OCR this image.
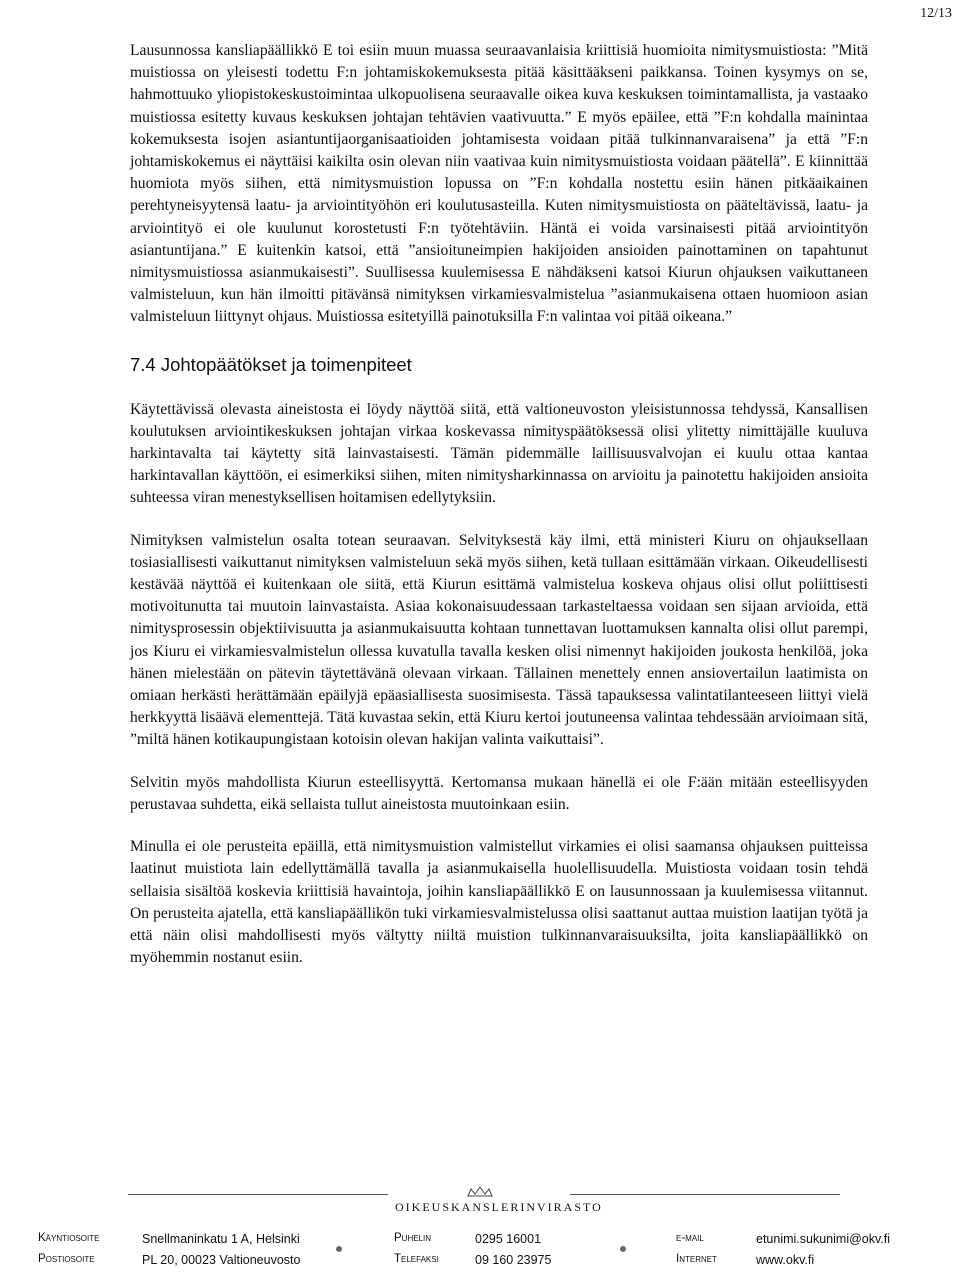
12/13

Lausunnossa kansliapäällikkö E toi esiin muun muassa seuraavanlaisia kriittisiä huomioita nimitysmuistiosta: ”Mitä muistiossa on yleisesti todettu F:n johtamiskokemuksesta pitää käsittääkseni paikkansa. Toinen kysymys on se, hahmottuuko yliopistokeskustoimintaa ulkopuolisena seuraavalle oikea kuva keskuksen toimintamallista, ja vastaako muistiossa esitetty kuvaus keskuksen johtajan tehtävien vaativuutta.” E myös epäilee, että ”F:n kohdalla mainintaa kokemuksesta isojen asiantuntijaorganisaatioiden johtamisesta voidaan pitää tulkinnanvaraisena” ja että ”F:n johtamiskokemus ei näyttäisi kaikilta osin olevan niin vaativaa kuin nimitysmuistiosta voidaan päätellä”. E kiinnittää huomiota myös siihen, että nimitysmuistion lopussa on ”F:n kohdalla nostettu esiin hänen pitkäaikainen perehtyneisyytensä laatu- ja arviointityöhön eri koulutusasteilla. Kuten nimitysmuistiosta on pääteltävissä, laatu- ja arviointityö ei ole kuulunut korostetusti F:n työtehtäviin. Häntä ei voida varsinaisesti pitää arviointityön asiantuntijana.” E kuitenkin katsoi, että ”ansioituneimpien hakijoiden ansioiden painottaminen on tapahtunut nimitysmuistiossa asianmukaisesti”. Suullisessa kuulemisessa E nähdäkseni katsoi Kiurun ohjauksen vaikuttaneen valmisteluun, kun hän ilmoitti pitävänsä nimityksen virkamiesvalmistelua ”asianmukaisena ottaen huomioon asian valmisteluun liittynyt ohjaus. Muistiossa esitetyillä painotuksilla F:n valintaa voi pitää oikeana.”

7.4 Johtopäätökset ja toimenpiteet

Käytettävissä olevasta aineistosta ei löydy näyttöä siitä, että valtioneuvoston yleisistunnossa tehdyssä, Kansallisen koulutuksen arviointikeskuksen johtajan virkaa koskevassa nimityspäätöksessä olisi ylitetty nimittäjälle kuuluva harkintavalta tai käytetty sitä lainvastaisesti. Tämän pidemmälle laillisuusvalvojan ei kuulu ottaa kantaa harkintavallan käyttöön, ei esimerkiksi siihen, miten nimitysharkinnassa on arvioitu ja painotettu hakijoiden ansioita suhteessa viran menestyksellisen hoitamisen edellytyksiin.

Nimityksen valmistelun osalta totean seuraavan. Selvityksestä käy ilmi, että ministeri Kiuru on ohjauksellaan tosiasiallisesti vaikuttanut nimityksen valmisteluun sekä myös siihen, ketä tullaan esittämään virkaan. Oikeudellisesti kestävää näyttöä ei kuitenkaan ole siitä, että Kiurun esittämä valmistelua koskeva ohjaus olisi ollut poliittisesti motivoitunutta tai muutoin lainvastaista. Asiaa kokonaisuudessaan tarkasteltaessa voidaan sen sijaan arvioida, että nimitysprosessin objektiivisuutta ja asianmukaisuutta kohtaan tunnettavan luottamuksen kannalta olisi ollut parempi, jos Kiuru ei virkamiesvalmistelun ollessa kuvatulla tavalla kesken olisi nimennyt hakijoiden joukosta henkilöä, joka hänen mielestään on pätevin täytettävänä olevaan virkaan. Tällainen menettely ennen ansiovertailun laatimista on omiaan herkästi herättämään epäilyjä epäasiallisesta suosimisesta. Tässä tapauksessa valintatilanteeseen liittyi vielä herkkyyttä lisäävä elementtejä. Tätä kuvastaa sekin, että Kiuru kertoi joutuneensa valintaa tehdessään arvioimaan sitä, ”miltä hänen kotikaupungistaan kotoisin olevan hakijan valinta vaikuttaisi”.

Selvitin myös mahdollista Kiurun esteellisyyttä. Kertomansa mukaan hänellä ei ole F:ään mitään esteellisyyden perustavaa suhdetta, eikä sellaista tullut aineistosta muutoinkaan esiin.

Minulla ei ole perusteita epäillä, että nimitysmuistion valmistellut virkamies ei olisi saamansa ohjauksen puitteissa laatinut muistiota lain edellyttämällä tavalla ja asianmukaisella huolellisuudella. Muistiosta voidaan tosin tehdä sellaisia sisältöä koskevia kriittisiä havaintoja, joihin kansliapäällikkö E on lausunnossaan ja kuulemisessa viitannut. On perusteita ajatella, että kansliapäällikön tuki virkamiesvalmistelussa olisi saattanut auttaa muistion laatijan työtä ja että näin olisi mahdollisesti myös vältytty niiltä muistion tulkinnanvaraisuuksilta, joita kansliapäällikkö on myöhemmin nostanut esiin.

OIKEUSKANSLERINVIRASTO
Käyntiosoite	Snellmaninkatu 1 A, Helsinki	Puhelin	0295 16001	e-mail	etunimi.sukunimi@okv.fi
Postiosoite	PL 20, 00023 Valtioneuvosto	Telefaksi	09 160 23975	Internet	www.okv.fi
